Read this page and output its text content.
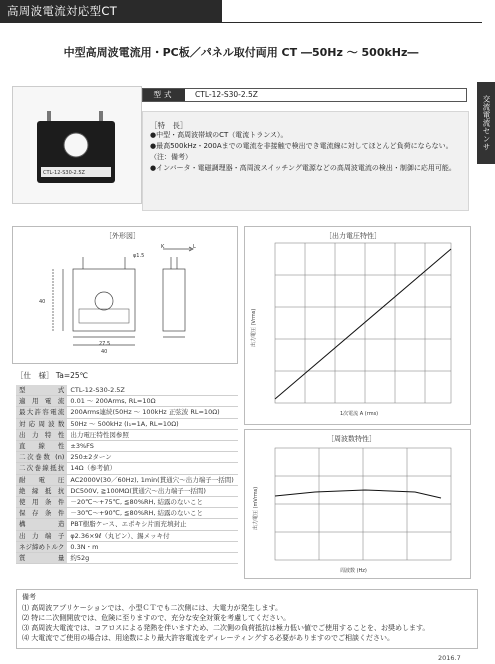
高周波電流対応型CT
中型高周波電流用・PC板／パネル取付両用 CT ―50Hz ～ 500kHz―
交流電流センサ
CTL-12-S30-2.5Z
型式	CTL-12-S30-2.5Z
［特　長］
●中型・高周波帯域のCT（電流トランス）。
●最高500kHz・200Aまでの電流を非接触で検出でき電流線に対してほとんど負荷にならない。（注：備考）
●インバータ・電磁調理器・高周波スイッチング電源などの高周波電流の検出・制御に応用可能。
［外形図］
27.5
40
40
K	L
φ1.5
［出力電圧特性］
1次電流 A (rms)
出力電圧 (Vrms)
［周波数特性］
周波数 (Hz)
出力電圧 (mVrms)
［仕　様］ Ta=25℃
型式	CTL-12-S30-2.5Z
適用電流	0.01 ～ 200Arms, RL=10Ω
最大許容電流	200Arms連続(50Hz ～ 100kHz 正弦波 RL=10Ω)
対応周波数	50Hz ～ 500kHz (I₁=1A, RL=10Ω)
出力特性	出力電圧特性図参照
直線性	±3%FS
二次巻数 (n)	250±2ターン
二次巻線抵抗	14Ω（参考値）
耐電圧	AC2000V(30／60Hz), 1min(貫通穴～出力端子一括間)
絶縁抵抗	DC500V, ≧100MΩ(貫通穴～出力端子一括間)
使用条件	－20℃～+75℃, ≦80%RH, 結露のないこと
保存条件	－30℃～+90℃, ≦80%RH, 結露のないこと
構造	PBT樹脂ケース、エポキシ片面充填封止
出力端子	φ2.36×9ℓ（丸ピン）、錫メッキ付
ネジ締めトルク	0.3N・m
質量	約52g
備考
⑴ 高周波アプリケーションでは、小型ＣＴでも二次側には、大電力が発生します。
⑵ 特に二次側開放では、危険に至りますので、充分な安全対策を考慮してください。
⑶ 高周波大電流では、コアロスによる発熱を伴いますため、二次側の負荷抵抗は極力低い値でご使用することを、お奨めします。
⑷ 大電流でご使用の場合は、用途数により最大許容電流をディレーティングする必要がありますのでご相談ください。
2016.7
